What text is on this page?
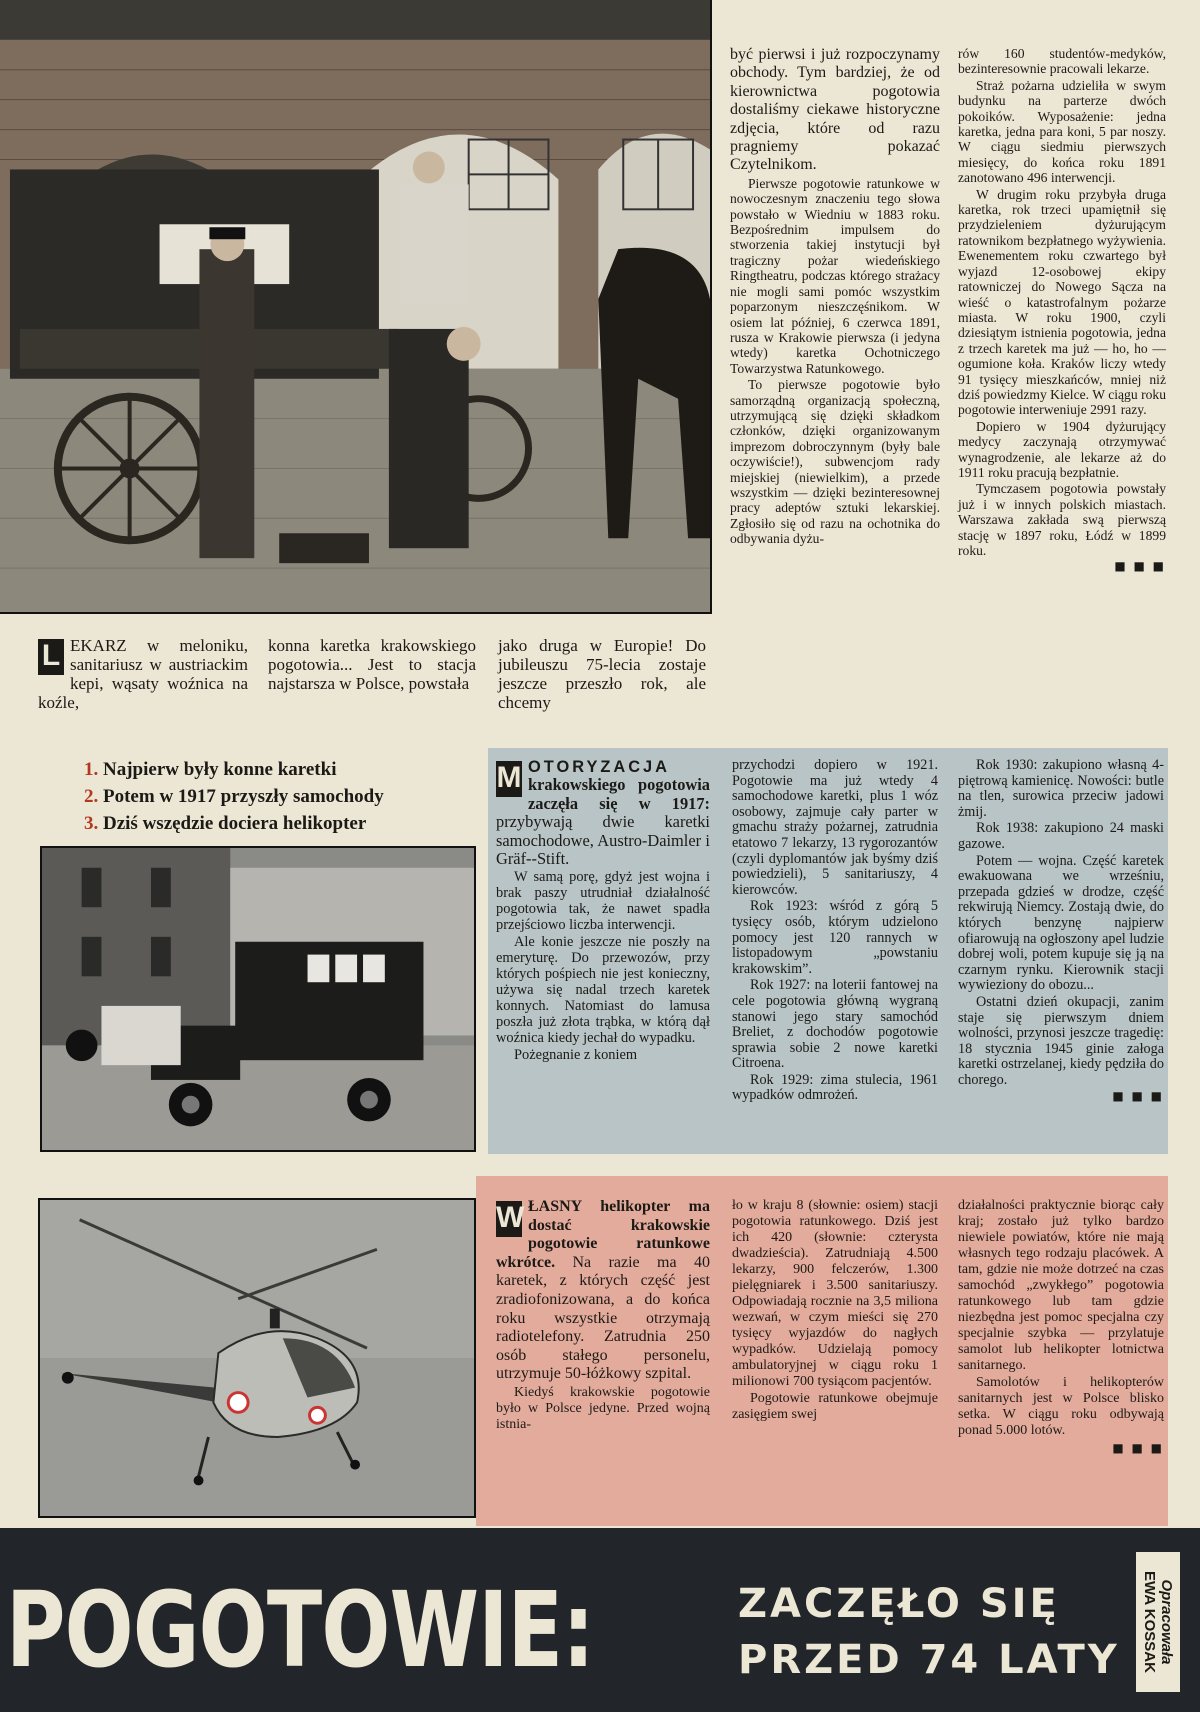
L EKARZ w meloniku, sanitariusz w austriackim kepi, wąsaty woźnica na koźle,

konna karetka krakowskiego pogotowia... Jest to stacja najstarsza w Polsce, powstała

jako druga w Europie! Do jubileuszu 75-lecia zostaje jeszcze przeszło rok, ale chcemy

być pierwsi i już rozpoczynamy obchody. Tym bardziej, że od kierownictwa pogotowia dostaliśmy ciekawe historyczne zdjęcia, które od razu pragniemy pokazać Czytelnikom.

Pierwsze pogotowie ratunkowe w nowoczesnym znaczeniu tego słowa powstało w Wiedniu w 1883 roku. Bezpośrednim impulsem do stworzenia takiej instytucji był tragiczny pożar wiedeńskiego Ringtheatru, podczas którego strażacy nie mogli sami pomóc wszystkim poparzonym nieszczęśnikom. W osiem lat później, 6 czerwca 1891, rusza w Krakowie pierwsza (i jedyna wtedy) karetka Ochotniczego Towarzystwa Ratunkowego.

To pierwsze pogotowie było samorządną organizacją społeczną, utrzymującą się dzięki składkom członków, dzięki organizowanym imprezom dobroczynnym (były bale oczywiście!), subwencjom rady miejskiej (niewielkim), a przede wszystkim — dzięki bezinteresownej pracy adeptów sztuki lekarskiej. Zgłosiło się od razu na ochotnika do odbywania dyżu-

rów 160 studentów-medyków, bezinteresownie pracowali lekarze.

Straż pożarna udzieliła w swym budynku na parterze dwóch pokoików. Wyposażenie: jedna karetka, jedna para koni, 5 par noszy. W ciągu siedmiu pierwszych miesięcy, do końca roku 1891 zanotowano 496 interwencji.

W drugim roku przybyła druga karetka, rok trzeci upamiętnił się przydzieleniem dyżurującym ratownikom bezpłatnego wyżywienia. Ewenementem roku czwartego był wyjazd 12-osobowej ekipy ratowniczej do Nowego Sącza na wieść o katastrofalnym pożarze miasta. W roku 1900, czyli dziesiątym istnienia pogotowia, jedna z trzech karetek ma już — ho, ho — ogumione koła. Kraków liczy wtedy 91 tysięcy mieszkańców, mniej niż dziś powiedzmy Kielce. W ciągu roku pogotowie interweniuje 2991 razy.

Dopiero w 1904 dyżurujący medycy zaczynają otrzymywać wynagrodzenie, ale lekarze aż do 1911 roku pracują bezpłatnie.

Tymczasem pogotowia powstały już i w innych polskich miastach. Warszawa zakłada swą pierwszą stację w 1897 roku, Łódź w 1899 roku.

■ ■ ■
1. Najpierw były konne karetki
2. Potem w 1917 przyszły samochody
3. Dziś wszędzie dociera helikopter
M OTORYZACJA krakowskiego pogotowia zaczęła się w 1917: przybywają dwie karetki samochodowe, Austro-Daimler i Gräf--Stift.

W samą porę, gdyż jest wojna i brak paszy utrudniał działalność pogotowia tak, że nawet spadła przejściowo liczba interwencji.

Ale konie jeszcze nie poszły na emeryturę. Do przewozów, przy których pośpiech nie jest konieczny, używa się nadal trzech karetek konnych. Natomiast do lamusa poszła już złota trąbka, w którą dął woźnica kiedy jechał do wypadku.

Pożegnanie z koniem

przychodzi dopiero w 1921. Pogotowie ma już wtedy 4 samochodowe karetki, plus 1 wóz osobowy, zajmuje cały parter w gmachu straży pożarnej, zatrudnia etatowo 7 lekarzy, 13 rygorozantów (czyli dyplomantów jak byśmy dziś powiedzieli), 5 sanitariuszy, 4 kierowców.

Rok 1923: wśród z górą 5 tysięcy osób, którym udzielono pomocy jest 120 rannych w listopadowym „powstaniu krakowskim”.

Rok 1927: na loterii fantowej na cele pogotowia główną wygraną stanowi jego stary samochód Breliet, z dochodów pogotowie sprawia sobie 2 nowe karetki Citroena.

Rok 1929: zima stulecia, 1961 wypadków odmrożeń.

Rok 1930: zakupiono własną 4-piętrową kamienicę. Nowości: butle na tlen, surowica przeciw jadowi żmij.

Rok 1938: zakupiono 24 maski gazowe.

Potem — wojna. Część karetek ewakuowana we wrześniu, przepada gdzieś w drodze, część rekwirują Niemcy. Zostają dwie, do których benzynę najpierw ofiarowują na ogłoszony apel ludzie dobrej woli, potem kupuje się ją na czarnym rynku. Kierownik stacji wywieziony do obozu...

Ostatni dzień okupacji, zanim staje się pierwszym dniem wolności, przynosi jeszcze tragedię: 18 stycznia 1945 ginie załoga karetki ostrzelanej, kiedy pędziła do chorego.

■ ■ ■
W ŁASNY helikopter ma dostać krakowskie pogotowie ratunkowe wkrótce. Na razie ma 40 karetek, z których część jest zradiofonizowana, a do końca roku wszystkie otrzymają radiotelefony. Zatrudnia 250 osób stałego personelu, utrzymuje 50-łóżkowy szpital.

Kiedyś krakowskie pogotowie było w Polsce jedyne. Przed wojną istnia-

ło w kraju 8 (słownie: osiem) stacji pogotowia ratunkowego. Dziś jest ich 420 (słownie: czterysta dwadzieścia). Zatrudniają 4.500 lekarzy, 900 felczerów, 1.300 pielęgniarek i 3.500 sanitariuszy. Odpowiadają rocznie na 3,5 miliona wezwań, w czym mieści się 270 tysięcy wyjazdów do nagłych wypadków. Udzielają pomocy ambulatoryjnej w ciągu roku 1 milionowi 700 tysiącom pacjentów.

Pogotowie ratunkowe obejmuje zasięgiem swej

działalności praktycznie biorąc cały kraj; zostało już tylko bardzo niewiele powiatów, które nie mają własnych tego rodzaju placówek. A tam, gdzie nie może dotrzeć na czas samochód „zwykłego” pogotowia ratunkowego lub tam gdzie niezbędna jest pomoc specjalna czy specjalnie szybka — przylatuje samolot lub helikopter lotnictwa sanitarnego.

Samolotów i helikopterów sanitarnych jest w Polsce blisko setka. W ciągu roku odbywają ponad 5.000 lotów.

■ ■ ■
POGOTOWIE:	ZACZĘŁO SIĘ
PRZED 74 LATY	Opracowała
EWA KOSSAK
